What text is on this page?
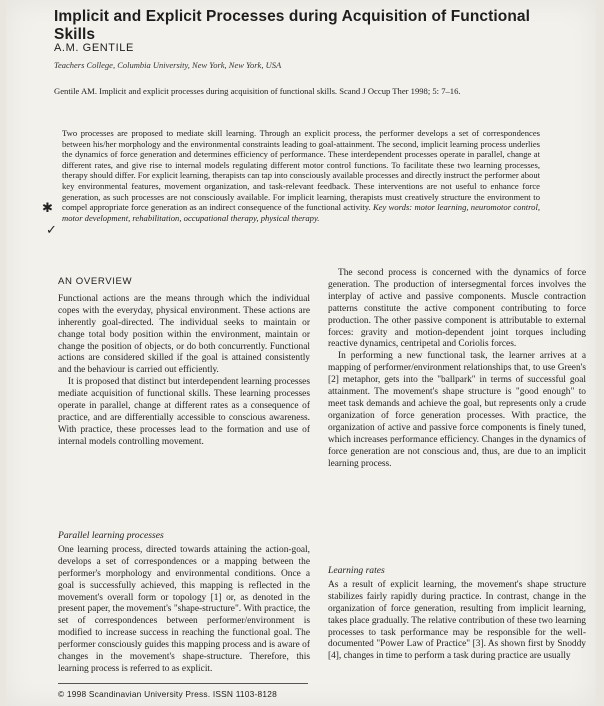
Implicit and Explicit Processes during Acquisition of Functional Skills
A.M. GENTILE
Teachers College, Columbia University, New York, New York, USA
Gentile AM. Implicit and explicit processes during acquisition of functional skills. Scand J Occup Ther 1998; 5: 7–16.
Two processes are proposed to mediate skill learning. Through an explicit process, the performer develops a set of correspondences between his/her morphology and the environmental constraints leading to goal-attainment. The second, implicit learning process underlies the dynamics of force generation and determines efficiency of performance. These interdependent processes operate in parallel, change at different rates, and give rise to internal models regulating different motor control functions. To facilitate these two learning processes, therapy should differ. For explicit learning, therapists can tap into consciously available processes and directly instruct the performer about key environmental features, movement organization, and task-relevant feedback. These interventions are not useful to enhance force generation, as such processes are not consciously available. For implicit learning, therapists must creatively structure the environment to compel appropriate force generation as an indirect consequence of the functional activity. Key words: motor learning, neuromotor control, motor development, rehabilitation, occupational therapy, physical therapy.
✱
✓
AN OVERVIEW

Functional actions are the means through which the individual copes with the everyday, physical environment. These actions are inherently goal-directed. The individual seeks to maintain or change total body position within the environment, maintain or change the position of objects, or do both concurrently. Functional actions are considered skilled if the goal is attained consistently and the behaviour is carried out efficiently.

It is proposed that distinct but interdependent learning processes mediate acquisition of functional skills. These learning processes operate in parallel, change at different rates as a consequence of practice, and are differentially accessible to conscious awareness. With practice, these processes lead to the formation and use of internal models controlling movement.

Parallel learning processes

One learning process, directed towards attaining the action-goal, develops a set of correspondences or a mapping between the performer's morphology and environmental conditions. Once a goal is successfully achieved, this mapping is reflected in the movement's overall form or topology [1] or, as denoted in the present paper, the movement's "shape-structure". With practice, the set of correspondences between performer/environment is modified to increase success in reaching the functional goal. The performer consciously guides this mapping process and is aware of changes in the movement's shape-structure. Therefore, this learning process is referred to as explicit.

The second process is concerned with the dynamics of force generation. The production of intersegmental forces involves the interplay of active and passive components. Muscle contraction patterns constitute the active component contributing to force production. The other passive component is attributable to external forces: gravity and motion-dependent joint torques including reactive dynamics, centripetal and Coriolis forces.

In performing a new functional task, the learner arrives at a mapping of performer/environment relationships that, to use Green's [2] metaphor, gets into the "ballpark" in terms of successful goal attainment. The movement's shape structure is "good enough" to meet task demands and achieve the goal, but represents only a crude organization of force generation processes. With practice, the organization of active and passive force components is finely tuned, which increases performance efficiency. Changes in the dynamics of force generation are not conscious and, thus, are due to an implicit learning process.

Learning rates

As a result of explicit learning, the movement's shape structure stabilizes fairly rapidly during practice. In contrast, change in the organization of force generation, resulting from implicit learning, takes place gradually. The relative contribution of these two learning processes to task performance may be responsible for the well-documented "Power Law of Practice" [3]. As shown first by Snoddy [4], changes in time to perform a task during practice are usually

© 1998 Scandinavian University Press. ISSN 1103-8128
